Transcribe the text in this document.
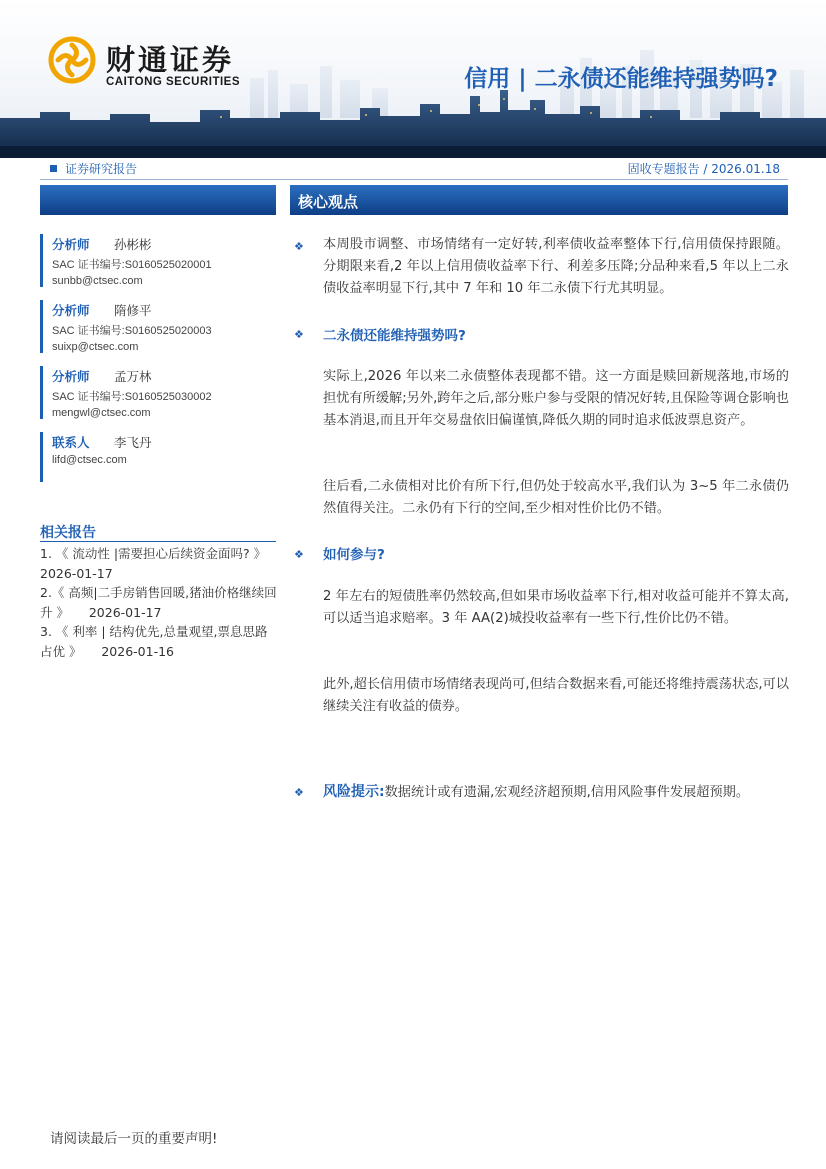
财通证券
CAITONG SECURITIES	信用 | 二永债还能维持强势吗?
证券研究报告	固收专题报告 / 2026.01.18
分析师 孙彬彬
SAC 证书编号:S0160525020001
sunbb@ctsec.com
分析师 隋修平
SAC 证书编号:S0160525020003
suixp@ctsec.com
分析师 孟万林
SAC 证书编号:S0160525030002
mengwl@ctsec.com
联系人 李飞丹
lifd@ctsec.com
相关报告
1. 《 流动性 |需要担心后续资金面吗? 》
2026-01-17
2.《 高频|二手房销售回暖,猪油价格继续回升 》 2026-01-17
3. 《 利率 | 结构优先,总量观望,票息思路占优 》 2026-01-16
核心观点
❖ 本周股市调整、市场情绪有一定好转,利率债收益率整体下行,信用债保持跟随。分期限来看,2 年以上信用债收益率下行、利差多压降;分品种来看,5 年以上二永债收益率明显下行,其中 7 年和 10 年二永债下行尤其明显。
❖ 二永债还能维持强势吗?
实际上,2026 年以来二永债整体表现都不错。这一方面是赎回新规落地,市场的担忧有所缓解;另外,跨年之后,部分账户参与受限的情况好转,且保险等调仓影响也基本消退,而且开年交易盘依旧偏谨慎,降低久期的同时追求低波票息资产。
往后看,二永债相对比价有所下行,但仍处于较高水平,我们认为 3~5 年二永债仍然值得关注。二永仍有下行的空间,至少相对性价比仍不错。
❖ 如何参与?
2 年左右的短债胜率仍然较高,但如果市场收益率下行,相对收益可能并不算太高,可以适当追求赔率。3 年 AA(2)城投收益率有一些下行,性价比仍不错。
此外,超长信用债市场情绪表现尚可,但结合数据来看,可能还将维持震荡状态,可以继续关注有收益的债券。
❖ 风险提示:数据统计或有遗漏,宏观经济超预期,信用风险事件发展超预期。
请阅读最后一页的重要声明!
